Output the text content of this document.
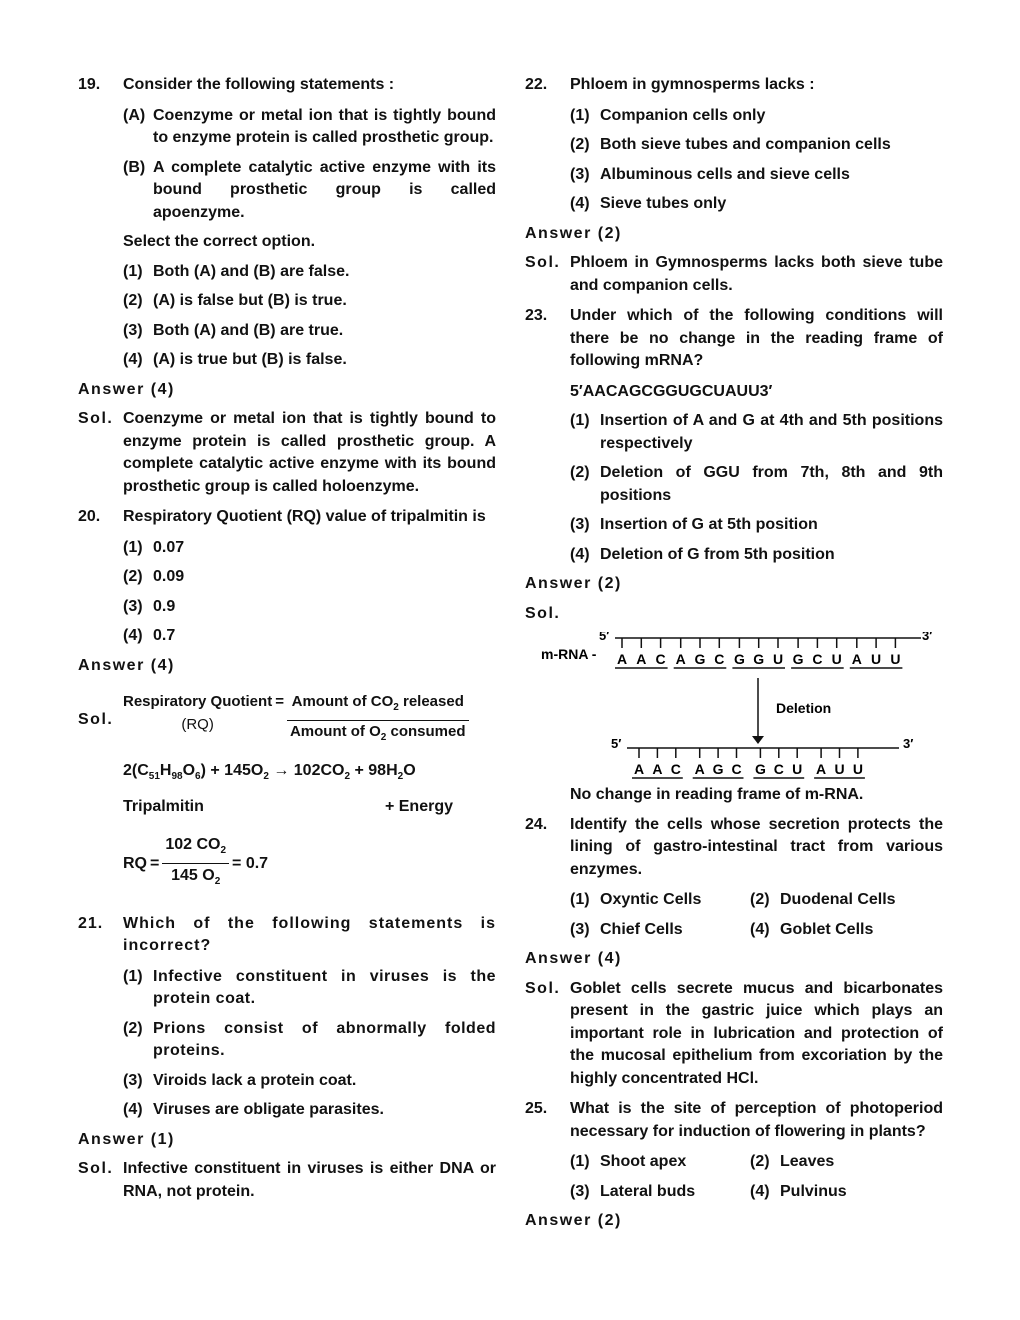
19.	Consider the following statements :
(A) Coenzyme or metal ion that is tightly bound to enzyme protein is called prosthetic group.
(B) A complete catalytic active enzyme with its bound prosthetic group is called apoenzyme.
Select the correct option.
(1) Both (A) and (B) are false.
(2) (A) is false but (B) is true.
(3) Both (A) and (B) are true.
(4) (A) is true but (B) is false.
Answer (4)
Sol. Coenzyme or metal ion that is tightly bound to enzyme protein is called prosthetic group. A complete catalytic active enzyme with its bound prosthetic group is called holoenzyme.
20.	Respiratory Quotient (RQ) value of tripalmitin is
(1) 0.07
(2) 0.09
(3) 0.9
(4) 0.7
Answer (4)
Sol.
Respiratory Quotient
(RQ)
= $\frac{Amount of CO_2 released}{Amount of O_2 consumed}$
$2(C_{51}H_{98}O_6) + 145O_2 \to 102CO_2 + 98H_2O$
Tripalmitin	+ Energy
RQ = $\frac{102 CO_2}{145 O_2} = 0.7$
21.	Which of the following statements is incorrect?
(1) Infective constituent in viruses is the protein coat.
(2) Prions consist of abnormally folded proteins.
(3) Viroids lack a protein coat.
(4) Viruses are obligate parasites.
Answer (1)
Sol. Infective constituent in viruses is either DNA or RNA, not protein.
22.	Phloem in gymnosperms lacks :
(1) Companion cells only
(2) Both sieve tubes and companion cells
(3) Albuminous cells and sieve cells
(4) Sieve tubes only
Answer (2)
Sol. Phloem in Gymnosperms lacks both sieve tube and companion cells.
23.	Under which of the following conditions will there be no change in the reading frame of following mRNA?
5′AACAGCGGUGCUAUU3′
(1) Insertion of A and G at 4th and 5th positions respectively
(2) Deletion of GGU from 7th, 8th and 9th positions
(3) Insertion of G at 5th position
(4) Deletion of G from 5th position
Answer (2)
Sol.
m-RNA -
5′	3′
A A C A G C G G U G C U A U U
Deletion
5′	3′
A A C A G C G C U A U U
No change in reading frame of m-RNA.
24.	Identify the cells whose secretion protects the lining of gastro-intestinal tract from various enzymes.
(1) Oxyntic Cells	(2) Duodenal Cells
(3) Chief Cells	(4) Goblet Cells
Answer (4)
Sol. Goblet cells secrete mucus and bicarbonates present in the gastric juice which plays an important role in lubrication and protection of the mucosal epithelium from excoriation by the highly concentrated HCl.
25.	What is the site of perception of photoperiod necessary for induction of flowering in plants?
(1) Shoot apex	(2) Leaves
(3) Lateral buds	(4) Pulvinus
Answer (2)
